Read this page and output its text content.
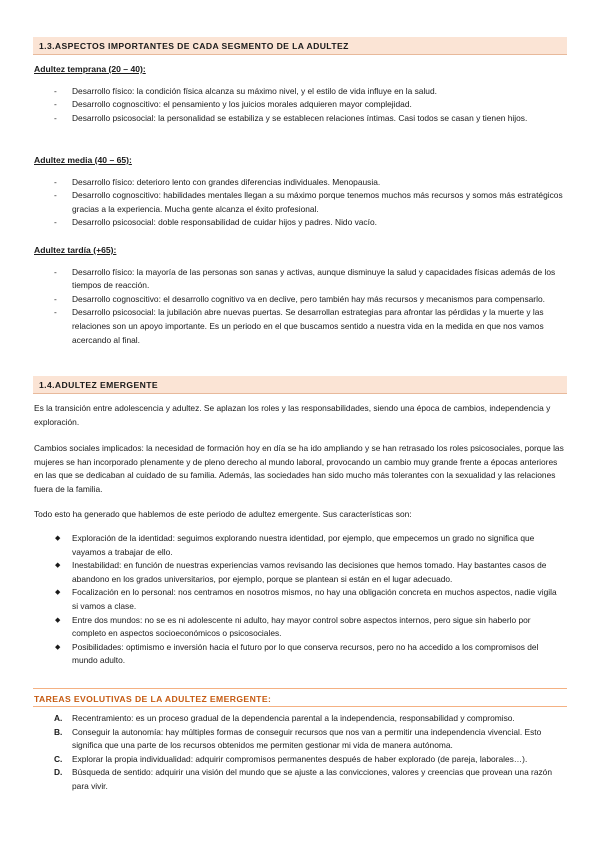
1.3.ASPECTOS IMPORTANTES DE CADA SEGMENTO DE LA ADULTEZ
Adultez temprana (20 – 40):
- Desarrollo físico: la condición física alcanza su máximo nivel, y el estilo de vida influye en la salud.
- Desarrollo cognoscitivo: el pensamiento y los juicios morales adquieren mayor complejidad.
- Desarrollo psicosocial: la personalidad se estabiliza y se establecen relaciones íntimas. Casi todos se casan y tienen hijos.
Adultez media (40 – 65):
- Desarrollo físico: deterioro lento con grandes diferencias individuales. Menopausia.
- Desarrollo cognoscitivo: habilidades mentales llegan a su máximo porque tenemos muchos más recursos y somos más estratégicos gracias a la experiencia. Mucha gente alcanza el éxito profesional.
- Desarrollo psicosocial: doble responsabilidad de cuidar hijos y padres. Nido vacío.
Adultez tardía (+65):
- Desarrollo físico: la mayoría de las personas son sanas y activas, aunque disminuye la salud y capacidades físicas además de los tiempos de reacción.
- Desarrollo cognoscitivo: el desarrollo cognitivo va en declive, pero también hay más recursos y mecanismos para compensarlo.
- Desarrollo psicosocial: la jubilación abre nuevas puertas. Se desarrollan estrategias para afrontar las pérdidas y la muerte y las relaciones son un apoyo importante. Es un periodo en el que buscamos sentido a nuestra vida en la medida en que nos vamos acercando al final.
1.4.ADULTEZ EMERGENTE

Es la transición entre adolescencia y adultez. Se aplazan los roles y las responsabilidades, siendo una época de cambios, independencia y exploración.

Cambios sociales implicados: la necesidad de formación hoy en día se ha ido ampliando y se han retrasado los roles psicosociales, porque las mujeres se han incorporado plenamente y de pleno derecho al mundo laboral, provocando un cambio muy grande frente a épocas anteriores en las que se dedicaban al cuidado de su familia. Además, las sociedades han sido mucho más tolerantes con la sexualidad y las relaciones fuera de la familia.

Todo esto ha generado que hablemos de este periodo de adultez emergente. Sus características son:

◆ Exploración de la identidad: seguimos explorando nuestra identidad, por ejemplo, que empecemos un grado no significa que vayamos a trabajar de ello.
◆ Inestabilidad: en función de nuestras experiencias vamos revisando las decisiones que hemos tomado. Hay bastantes casos de abandono en los grados universitarios, por ejemplo, porque se plantean si están en el lugar adecuado.
◆ Focalización en lo personal: nos centramos en nosotros mismos, no hay una obligación concreta en muchos aspectos, nadie vigila si vamos a clase.
◆ Entre dos mundos: no se es ni adolescente ni adulto, hay mayor control sobre aspectos internos, pero sigue sin haberlo por completo en aspectos socioeconómicos o psicosociales.
◆ Posibilidades: optimismo e inversión hacia el futuro por lo que conserva recursos, pero no ha accedido a los compromisos del mundo adulto.
TAREAS EVOLUTIVAS DE LA ADULTEZ EMERGENTE:
A. Recentramiento: es un proceso gradual de la dependencia parental a la independencia, responsabilidad y compromiso.
B. Conseguir la autonomía: hay múltiples formas de conseguir recursos que nos van a permitir una independencia vivencial. Esto significa que una parte de los recursos obtenidos me permiten gestionar mi vida de manera autónoma.
C. Explorar la propia individualidad: adquirir compromisos permanentes después de haber explorado (de pareja, laborales…).
D. Búsqueda de sentido: adquirir una visión del mundo que se ajuste a las convicciones, valores y creencias que provean una razón para vivir.
